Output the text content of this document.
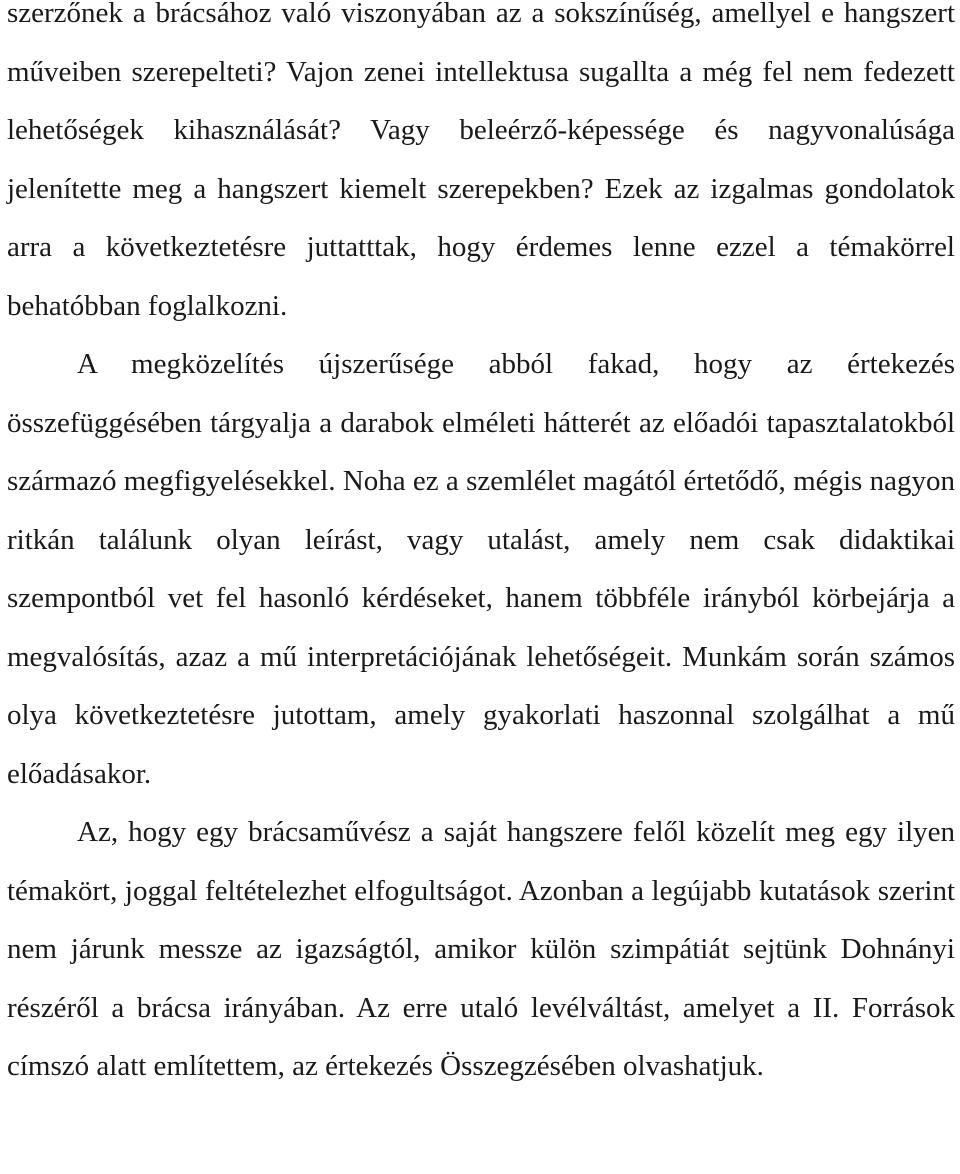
szerzőnek a brácsához való viszonyában az a sokszínűség, amellyel e hangszert műveiben szerepelteti? Vajon zenei intellektusa sugallta a még fel nem fedezett lehetőségek kihasználását? Vagy beleérző-képessége és nagyvonalúsága jelenítette meg a hangszert kiemelt szerepekben? Ezek az izgalmas gondolatok arra a következtetésre juttatttak, hogy érdemes lenne ezzel a témakörrel behatóbban foglalkozni.

A megközelítés újszerűsége abból fakad, hogy az értekezés összefüggésében tárgyalja a darabok elméleti hátterét az előadói tapasztalatokból származó megfigyelésekkel. Noha ez a szemlélet magától értetődő, mégis nagyon ritkán találunk olyan leírást, vagy utalást, amely nem csak didaktikai szempontból vet fel hasonló kérdéseket, hanem többféle irányból körbejárja a megvalósítás, azaz a mű interpretációjának lehetőségeit. Munkám során számos olya következtetésre jutottam, amely gyakorlati haszonnal szolgálhat a mű előadásakor.

Az, hogy egy brácsaművész a saját hangszere felől közelít meg egy ilyen témakört, joggal feltételezhet elfogultságot. Azonban a legújabb kutatások szerint nem járunk messze az igazságtól, amikor külön szimpátiát sejtünk Dohnányi részéről a brácsa irányában. Az erre utaló levélváltást, amelyet a II. Források címszó alatt említettem, az értekezés Összegzésében olvashatjuk.
